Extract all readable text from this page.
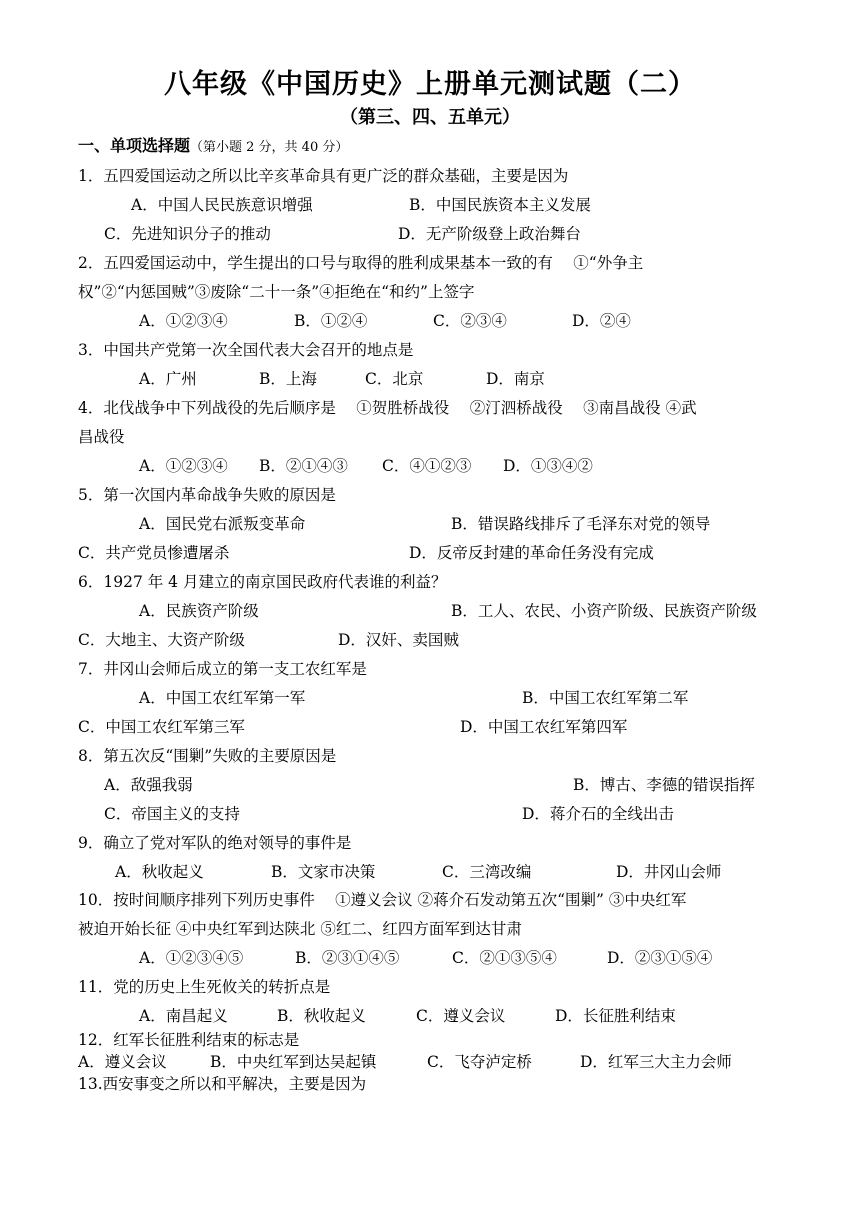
八年级《中国历史》上册单元测试题（二）
（第三、四、五单元）
一、单项选择题（第小题 2 分，共 40 分）
1．五四爱国运动之所以比辛亥革命具有更广泛的群众基础，主要是因为
A．中国人民民族意识增强	B．中国民族资本主义发展
C．先进知识分子的推动	D．无产阶级登上政治舞台
2．五四爱国运动中，学生提出的口号与取得的胜利成果基本一致的有　 ①“外争主
权”②“内惩国贼”③废除“二十一条”④拒绝在“和约”上签字
A．①②③④	B．①②④	C．②③④	D．②④
3．中国共产党第一次全国代表大会召开的地点是
A．广州	B．上海	C．北京	D．南京
4．北伐战争中下列战役的先后顺序是　 ①贺胜桥战役　 ②汀泗桥战役　 ③南昌战役 ④武
昌战役
A．①②③④ B．②①④③ C．④①②③ D．①③④②
5．第一次国内革命战争失败的原因是
A．国民党右派叛变革命	B．错误路线排斥了毛泽东对党的领导
C．共产党员惨遭屠杀	D．反帝反封建的革命任务没有完成
6．1927 年 4 月建立的南京国民政府代表谁的利益？
A．民族资产阶级	B．工人、农民、小资产阶级、民族资产阶级
C．大地主、大资产阶级	D．汉奸、卖国贼
7．井冈山会师后成立的第一支工农红军是
A．中国工农红军第一军	B．中国工农红军第二军
C．中国工农红军第三军	D．中国工农红军第四军
8．第五次反“围剿”失败的主要原因是
A．敌强我弱	B．博古、李德的错误指挥
C．帝国主义的支持	D．蒋介石的全线出击
9．确立了党对军队的绝对领导的事件是
A．秋收起义	B．文家市决策	C．三湾改编	D．井冈山会师
10．按时间顺序排列下列历史事件　 ①遵义会议 ②蒋介石发动第五次“围剿” ③中央红军
被迫开始长征 ④中央红军到达陕北 ⑤红二、红四方面军到达甘肃
A．①②③④⑤	B．②③①④⑤	C．②①③⑤④	D．②③①⑤④
11．党的历史上生死攸关的转折点是
A．南昌起义	B．秋收起义	C．遵义会议	D．长征胜利结束
12．红军长征胜利结束的标志是
A．遵义会议	B．中央红军到达吴起镇	C．飞夺泸定桥	D．红军三大主力会师
13.西安事变之所以和平解决，主要是因为
